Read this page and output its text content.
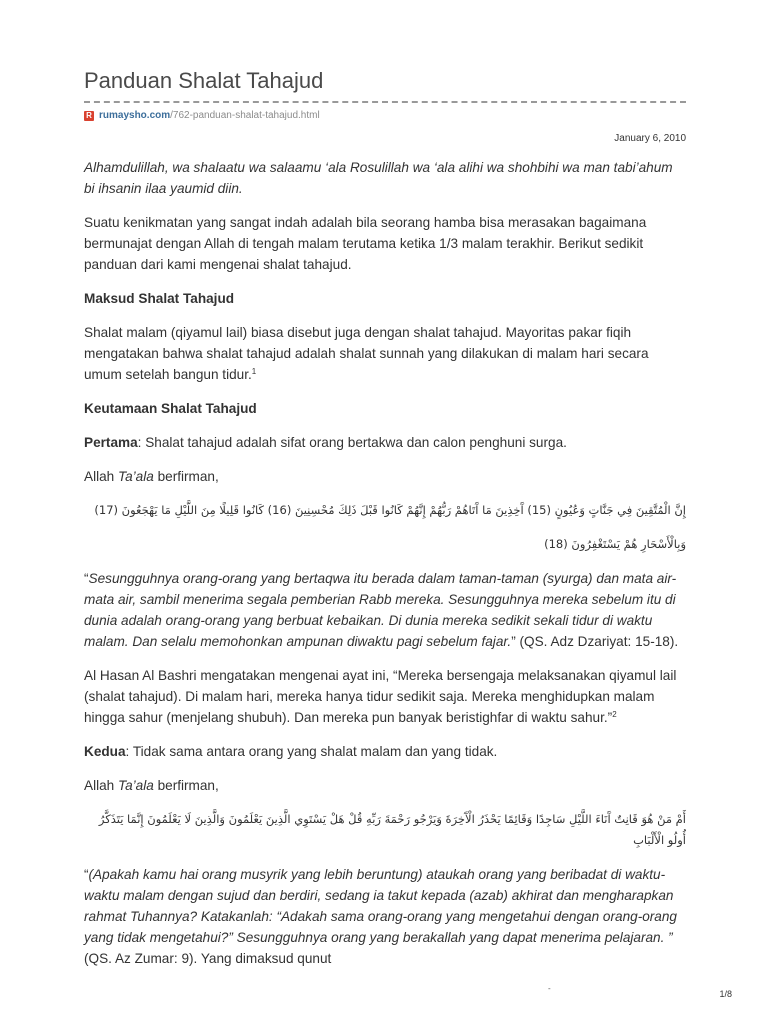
Panduan Shalat Tahajud
R rumaysho.com /762-panduan-shalat-tahajud.html
January 6, 2010

Alhamdulillah, wa shalaatu wa salaamu ‘ala Rosulillah wa ‘ala alihi wa shohbihi wa man tabi’ahum bi ihsanin ilaa yaumid diin.

Suatu kenikmatan yang sangat indah adalah bila seorang hamba bisa merasakan bagaimana bermunajat dengan Allah di tengah malam terutama ketika 1/3 malam terakhir. Berikut sedikit panduan dari kami mengenai shalat tahajud.

Maksud Shalat Tahajud

Shalat malam (qiyamul lail) biasa disebut juga dengan shalat tahajud. Mayoritas pakar fiqih mengatakan bahwa shalat tahajud adalah shalat sunnah yang dilakukan di malam hari secara umum setelah bangun tidur.$^1$

Keutamaan Shalat Tahajud

Pertama: Shalat tahajud adalah sifat orang bertakwa dan calon penghuni surga.

Allah Ta’ala berfirman,

إِنَّ الْمُتَّقِينَ فِي جَنَّاتٍ وَعُيُونٍ (15) آَخِذِينَ مَا آَتَاهُمْ رَبُّهُمْ إِنَّهُمْ كَانُوا قَبْلَ ذَلِكَ مُحْسِنِينَ (16) كَانُوا قَلِيلًا مِنَ اللَّيْلِ مَا يَهْجَعُونَ (17)

وَبِالْأَسْحَارِ هُمْ يَسْتَغْفِرُونَ (18)

“Sesungguhnya orang-orang yang bertaqwa itu berada dalam taman-taman (syurga) dan mata air-mata air, sambil menerima segala pemberian Rabb mereka. Sesungguhnya mereka sebelum itu di dunia adalah orang-orang yang berbuat kebaikan. Di dunia mereka sedikit sekali tidur di waktu malam. Dan selalu memohonkan ampunan diwaktu pagi sebelum fajar.” (QS. Adz Dzariyat: 15-18).

Al Hasan Al Bashri mengatakan mengenai ayat ini, “Mereka bersengaja melaksanakan qiyamul lail (shalat tahajud). Di malam hari, mereka hanya tidur sedikit saja. Mereka menghidupkan malam hingga sahur (menjelang shubuh). Dan mereka pun banyak beristighfar di waktu sahur.”$^2$

Kedua: Tidak sama antara orang yang shalat malam dan yang tidak.

Allah Ta’ala berfirman,

أَمْ مَنْ هُوَ قَانِتٌ آَنَاءَ اللَّيْلِ سَاجِدًا وَقَائِمًا يَحْذَرُ الْآَخِرَةَ وَيَرْجُو رَحْمَةَ رَبِّهِ قُلْ هَلْ يَسْتَوِي الَّذِينَ يَعْلَمُونَ وَالَّذِينَ لَا يَعْلَمُونَ إِنَّمَا يَتَذَكَّرُ أُولُو الْأَلْبَابِ

“(Apakah kamu hai orang musyrik yang lebih beruntung) ataukah orang yang beribadat di waktu-waktu malam dengan sujud dan berdiri, sedang ia takut kepada (azab) akhirat dan mengharapkan rahmat Tuhannya? Katakanlah: “Adakah sama orang-orang yang mengetahui dengan orang-orang yang tidak mengetahui?” Sesungguhnya orang yang berakallah yang dapat menerima pelajaran. ” (QS. Az Zumar: 9). Yang dimaksud qunut

-
1/8
